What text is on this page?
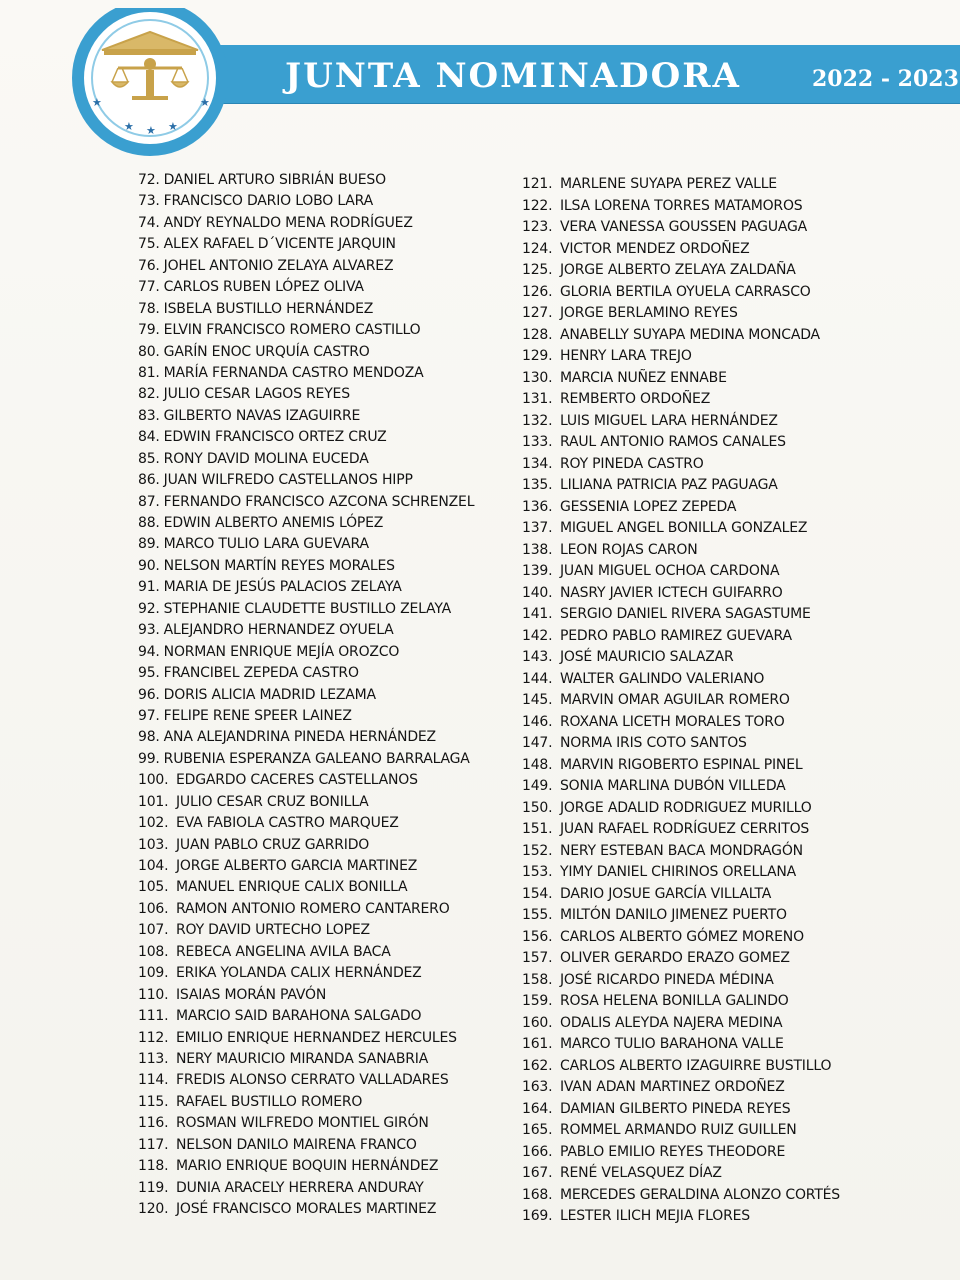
★	★
★	★
★
JUNTA NOMINADORA	2022 - 2023
72. DANIEL ARTURO SIBRIÁN BUESO
73. FRANCISCO DARIO LOBO LARA
74. ANDY REYNALDO MENA RODRÍGUEZ
75. ALEX RAFAEL D´VICENTE JARQUIN
76. JOHEL ANTONIO ZELAYA ALVAREZ
77. CARLOS RUBEN LÓPEZ OLIVA
78. ISBELA BUSTILLO HERNÁNDEZ
79. ELVIN FRANCISCO ROMERO CASTILLO
80. GARÍN ENOC URQUÍA CASTRO
81. MARÍA FERNANDA CASTRO MENDOZA
82. JULIO CESAR LAGOS REYES
83. GILBERTO NAVAS IZAGUIRRE
84. EDWIN FRANCISCO ORTEZ CRUZ
85. RONY DAVID MOLINA EUCEDA
86. JUAN WILFREDO CASTELLANOS HIPP
87. FERNANDO FRANCISCO AZCONA SCHRENZEL
88. EDWIN ALBERTO ANEMIS LÓPEZ
89. MARCO TULIO LARA GUEVARA
90. NELSON MARTÍN REYES MORALES
91. MARIA DE JESÚS PALACIOS ZELAYA
92. STEPHANIE CLAUDETTE BUSTILLO ZELAYA
93. ALEJANDRO HERNANDEZ OYUELA
94. NORMAN ENRIQUE MEJÍA OROZCO
95. FRANCIBEL ZEPEDA CASTRO
96. DORIS ALICIA MADRID LEZAMA
97. FELIPE RENE SPEER LAINEZ
98. ANA ALEJANDRINA PINEDA HERNÁNDEZ
99. RUBENIA ESPERANZA GALEANO BARRALAGA
100. EDGARDO CACERES CASTELLANOS
101. JULIO CESAR CRUZ BONILLA
102. EVA FABIOLA CASTRO MARQUEZ
103. JUAN PABLO CRUZ GARRIDO
104. JORGE ALBERTO GARCIA MARTINEZ
105. MANUEL ENRIQUE CALIX BONILLA
106. RAMON ANTONIO ROMERO CANTARERO
107. ROY DAVID URTECHO LOPEZ
108. REBECA ANGELINA AVILA BACA
109. ERIKA YOLANDA CALIX HERNÁNDEZ
110. ISAIAS MORÁN PAVÓN
111. MARCIO SAID BARAHONA SALGADO
112. EMILIO ENRIQUE HERNANDEZ HERCULES
113. NERY MAURICIO MIRANDA SANABRIA
114. FREDIS ALONSO CERRATO VALLADARES
115. RAFAEL BUSTILLO ROMERO
116. ROSMAN WILFREDO MONTIEL GIRÓN
117. NELSON DANILO MAIRENA FRANCO
118. MARIO ENRIQUE BOQUIN HERNÁNDEZ
119. DUNIA ARACELY HERRERA ANDURAY
120. JOSÉ FRANCISCO MORALES MARTINEZ
121. MARLENE SUYAPA PEREZ VALLE
122. ILSA LORENA TORRES MATAMOROS
123. VERA VANESSA GOUSSEN PAGUAGA
124. VICTOR MENDEZ ORDOÑEZ
125. JORGE ALBERTO ZELAYA ZALDAÑA
126. GLORIA BERTILA OYUELA CARRASCO
127. JORGE BERLAMINO REYES
128. ANABELLY SUYAPA MEDINA MONCADA
129. HENRY LARA TREJO
130. MARCIA NUÑEZ ENNABE
131. REMBERTO ORDOÑEZ
132. LUIS MIGUEL LARA HERNÁNDEZ
133. RAUL ANTONIO RAMOS CANALES
134. ROY PINEDA CASTRO
135. LILIANA PATRICIA PAZ PAGUAGA
136. GESSENIA LOPEZ ZEPEDA
137. MIGUEL ANGEL BONILLA GONZALEZ
138. LEON ROJAS CARON
139. JUAN MIGUEL OCHOA CARDONA
140. NASRY JAVIER ICTECH GUIFARRO
141. SERGIO DANIEL RIVERA SAGASTUME
142. PEDRO PABLO RAMIREZ GUEVARA
143. JOSÉ MAURICIO SALAZAR
144. WALTER GALINDO VALERIANO
145. MARVIN OMAR AGUILAR ROMERO
146. ROXANA LICETH MORALES TORO
147. NORMA IRIS COTO SANTOS
148. MARVIN RIGOBERTO ESPINAL PINEL
149. SONIA MARLINA DUBÓN VILLEDA
150. JORGE ADALID RODRIGUEZ MURILLO
151. JUAN RAFAEL RODRÍGUEZ CERRITOS
152. NERY ESTEBAN BACA MONDRAGÓN
153. YIMY DANIEL CHIRINOS ORELLANA
154. DARIO JOSUE GARCÍA VILLALTA
155. MILTÓN DANILO JIMENEZ PUERTO
156. CARLOS ALBERTO GÓMEZ MORENO
157. OLIVER GERARDO ERAZO GOMEZ
158. JOSÉ RICARDO PINEDA MÉDINA
159. ROSA HELENA BONILLA GALINDO
160. ODALIS ALEYDA NAJERA MEDINA
161. MARCO TULIO BARAHONA VALLE
162. CARLOS ALBERTO IZAGUIRRE BUSTILLO
163. IVAN ADAN MARTINEZ ORDOÑEZ
164. DAMIAN GILBERTO PINEDA REYES
165. ROMMEL ARMANDO RUIZ GUILLEN
166. PABLO EMILIO REYES THEODORE
167. RENÉ VELASQUEZ DÍAZ
168. MERCEDES GERALDINA ALONZO CORTÉS
169. LESTER ILICH MEJIA FLORES
